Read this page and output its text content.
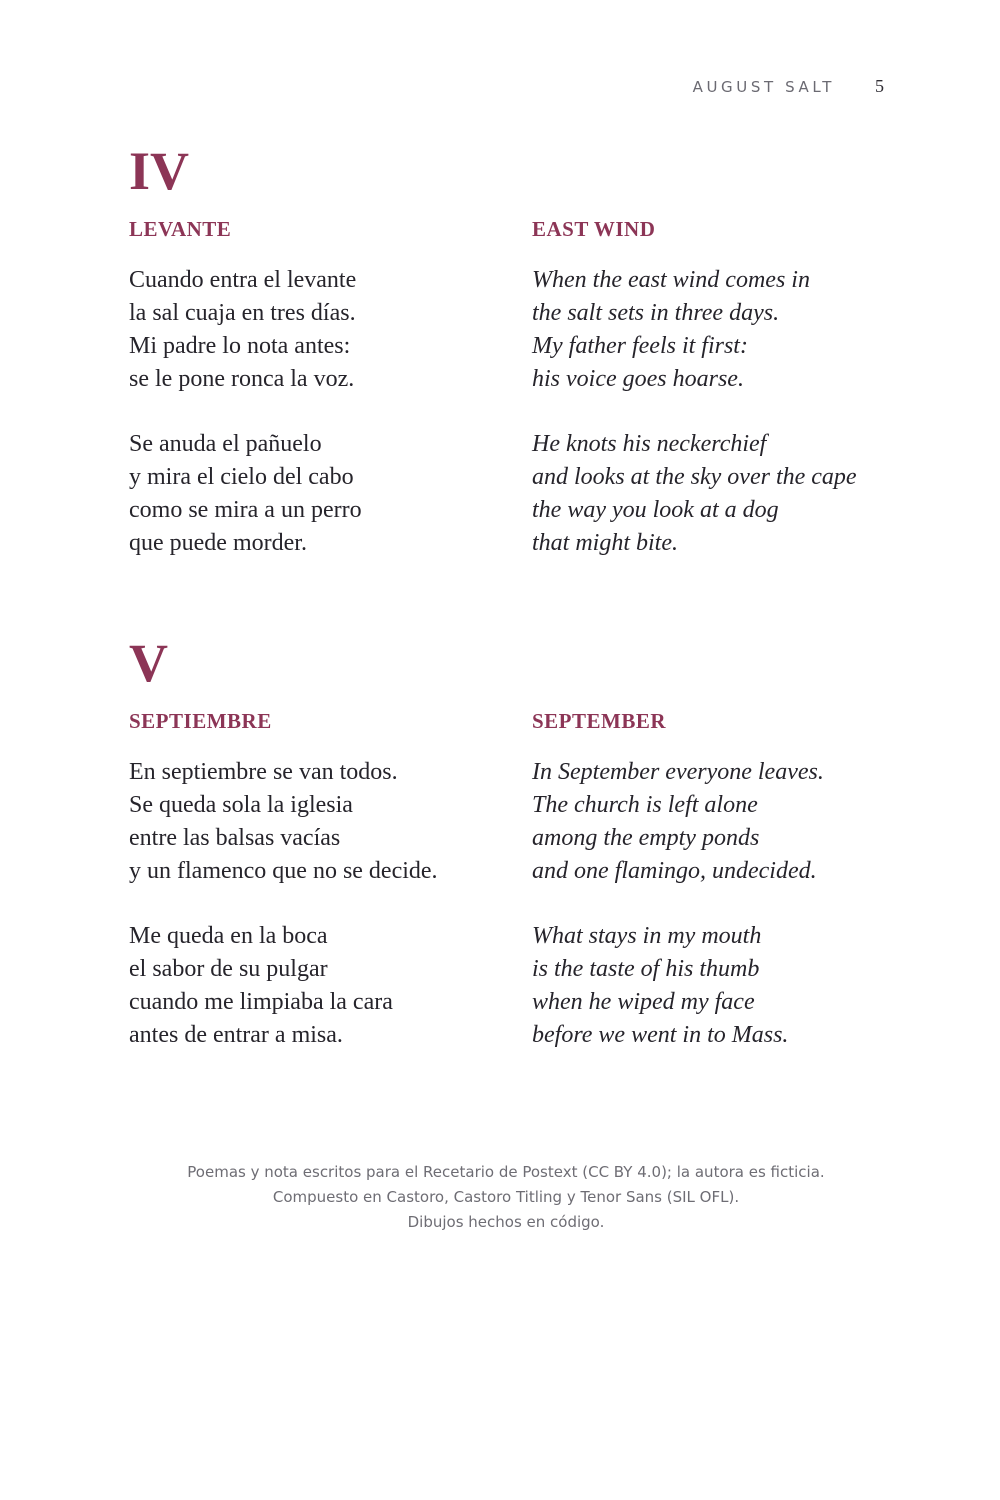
AUGUST SALT 5
IV
LEVANTE
Cuando entra el levante
la sal cuaja en tres días.
Mi padre lo nota antes:
se le pone ronca la voz.
Se anuda el pañuelo
y mira el cielo del cabo
como se mira a un perro
que puede morder.
EAST WIND
When the east wind comes in
the salt sets in three days.
My father feels it first:
his voice goes hoarse.
He knots his neckerchief
and looks at the sky over the cape
the way you look at a dog
that might bite.
V
SEPTIEMBRE
En septiembre se van todos.
Se queda sola la iglesia
entre las balsas vacías
y un flamenco que no se decide.
Me queda en la boca
el sabor de su pulgar
cuando me limpiaba la cara
antes de entrar a misa.
SEPTEMBER
In September everyone leaves.
The church is left alone
among the empty ponds
and one flamingo, undecided.
What stays in my mouth
is the taste of his thumb
when he wiped my face
before we went in to Mass.
Poemas y nota escritos para el Recetario de Postext (CC BY 4.0); la autora es ficticia.
Compuesto en Castoro, Castoro Titling y Tenor Sans (SIL OFL).
Dibujos hechos en código.
